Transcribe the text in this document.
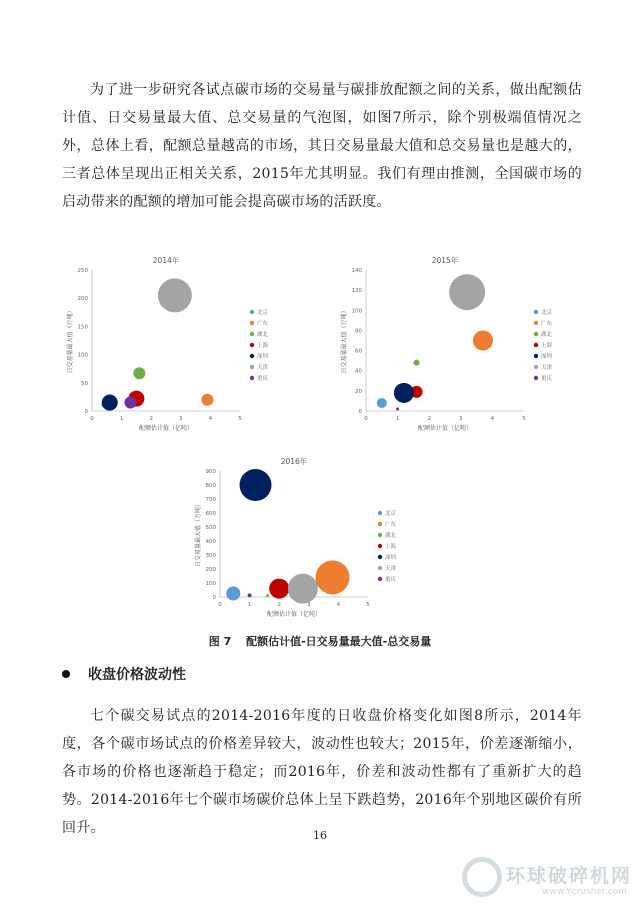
为了进一步研究各试点碳市场的交易量与碳排放配额之间的关系，做出配额估计值、日交易量最大值、总交易量的气泡图，如图7所示，除个别极端值情况之外，总体上看，配额总量越高的市场，其日交易量最大值和总交易量也是越大的，三者总体呈现出正相关关系，2015年尤其明显。我们有理由推测，全国碳市场的启动带来的配额的增加可能会提高碳市场的活跃度。
2014年
0	1	2	3	4	5
0
50
100
150
200
250
配额估计值（亿吨）
日交易量最大值（万吨）	北京
广东
湖北
上海
深圳
天津
重庆
2015年
0	1	2	3	4	5
0
20
40
60
80
100
120
140
配额估计值（亿吨）
日交易量最大值（万吨）	北京
广东
湖北
上海
深圳
天津
重庆
2016年
0	1	2	3	4	5
0
100
200
300
400
500
600
700
800
900
配额估计值（亿吨）
日交易量最大值（万吨）	北京
广东
湖北
上海
深圳
天津
重庆
图 7　 配额估计值-日交易量最大值-总交易量
收盘价格波动性
七个碳交易试点的2014-2016年度的日收盘价格变化如图8所示，2014年度，各个碳市场试点的价格差异较大，波动性也较大；2015年，价差逐渐缩小，各市场的价格也逐渐趋于稳定；而2016年，价差和波动性都有了重新扩大的趋势。2014-2016年七个碳市场碳价总体上呈下跌趋势，2016年个别地区碳价有所回升。	16
环球破碎机网
www.Ycrusher.com
